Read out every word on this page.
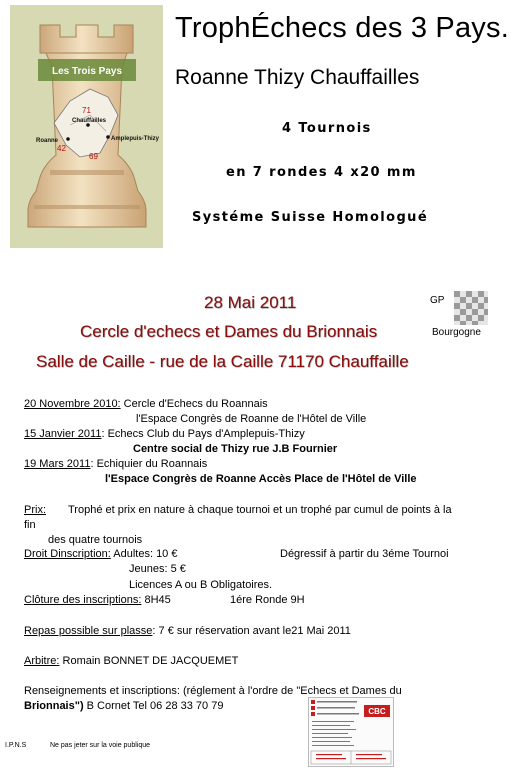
Les Trois Pays
71
Chauffailles
Roanne	Amplepuis-Thizy
42
69
TrophÉchecs des 3 Pays.
Roanne Thizy Chauffailles
4 Tournois
en 7 rondes 4 x20 mm
Systéme Suisse Homologué
28 Mai 2011
Cercle d'echecs et Dames du Brionnais
Salle de Caille - rue de la Caille 71170 Chauffaille
GP
Bourgogne
20 Novembre 2010: Cercle d'Echecs du Roannais
l'Espace Congrès de Roanne de l'Hôtel de Ville
15 Janvier 2011: Echecs Club du Pays d'Amplepuis-Thizy
Centre social de Thizy rue J.B Fournier
19 Mars 2011: Echiquier du Roannais
l'Espace Congrès de Roanne Accès Place de l'Hôtel de Ville
Prix: Trophé et prix en nature à chaque tournoi et un trophé par cumul de points à la
fin
des quatre tournois
Droit Dinscription: Adultes: 10 €	Dégressif à partir du 3éme Tournoi
Jeunes: 5 €
Licences A ou B Obligatoires.
Clôture des inscriptions: 8H45	1ére Ronde 9H
Repas possible sur plasse: 7 € sur réservation avant le21 Mai 2011
Arbitre: Romain BONNET DE JACQUEMET
Renseignements et inscriptions: (réglement à l'ordre de "Echecs et Dames du
Brionnais") B Cornet Tel 06 28 33 70 79	CBC
I.P.N.S	Ne pas jeter sur la voie publique
